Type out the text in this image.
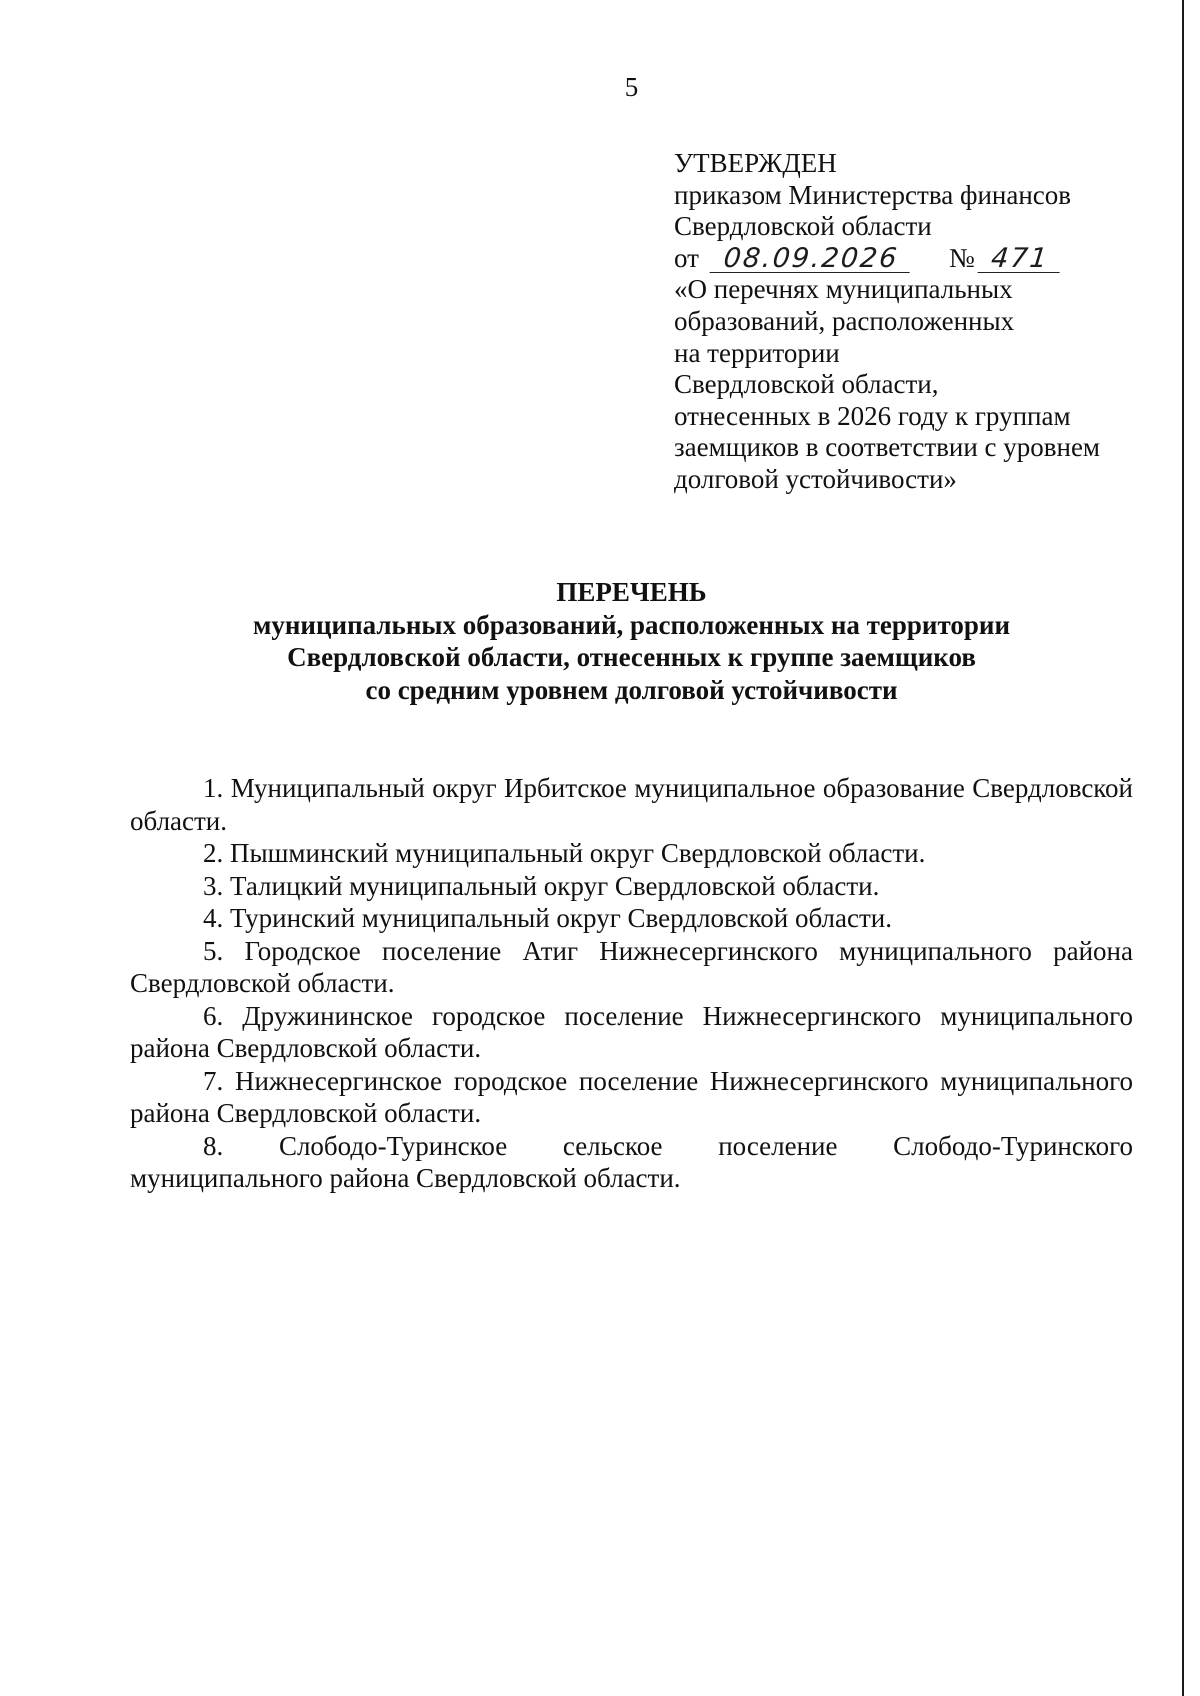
5
УТВЕРЖДЕН
приказом Министерства финансов
Свердловской области
от 08.09.2026 № 471
«О перечнях муниципальных
образований, расположенных
на территории
Свердловской области,
отнесенных в 2026 году к группам
заемщиков в соответствии с уровнем
долговой устойчивости»
ПЕРЕЧЕНЬ
муниципальных образований, расположенных на территории
Свердловской области, отнесенных к группе заемщиков
со средним уровнем долговой устойчивости

1. Муниципальный округ Ирбитское муниципальное образование Свердловской области.

2. Пышминский муниципальный округ Свердловской области.

3. Талицкий муниципальный округ Свердловской области.

4. Туринский муниципальный округ Свердловской области.

5. Городское поселение Атиг Нижнесергинского муниципального района Свердловской области.

6. Дружининское городское поселение Нижнесергинского муниципального района Свердловской области.

7. Нижнесергинское городское поселение Нижнесергинского муниципального района Свердловской области.

8. Слободо-Туринское сельское поселение Слободо-Туринского муниципального района Свердловской области.
